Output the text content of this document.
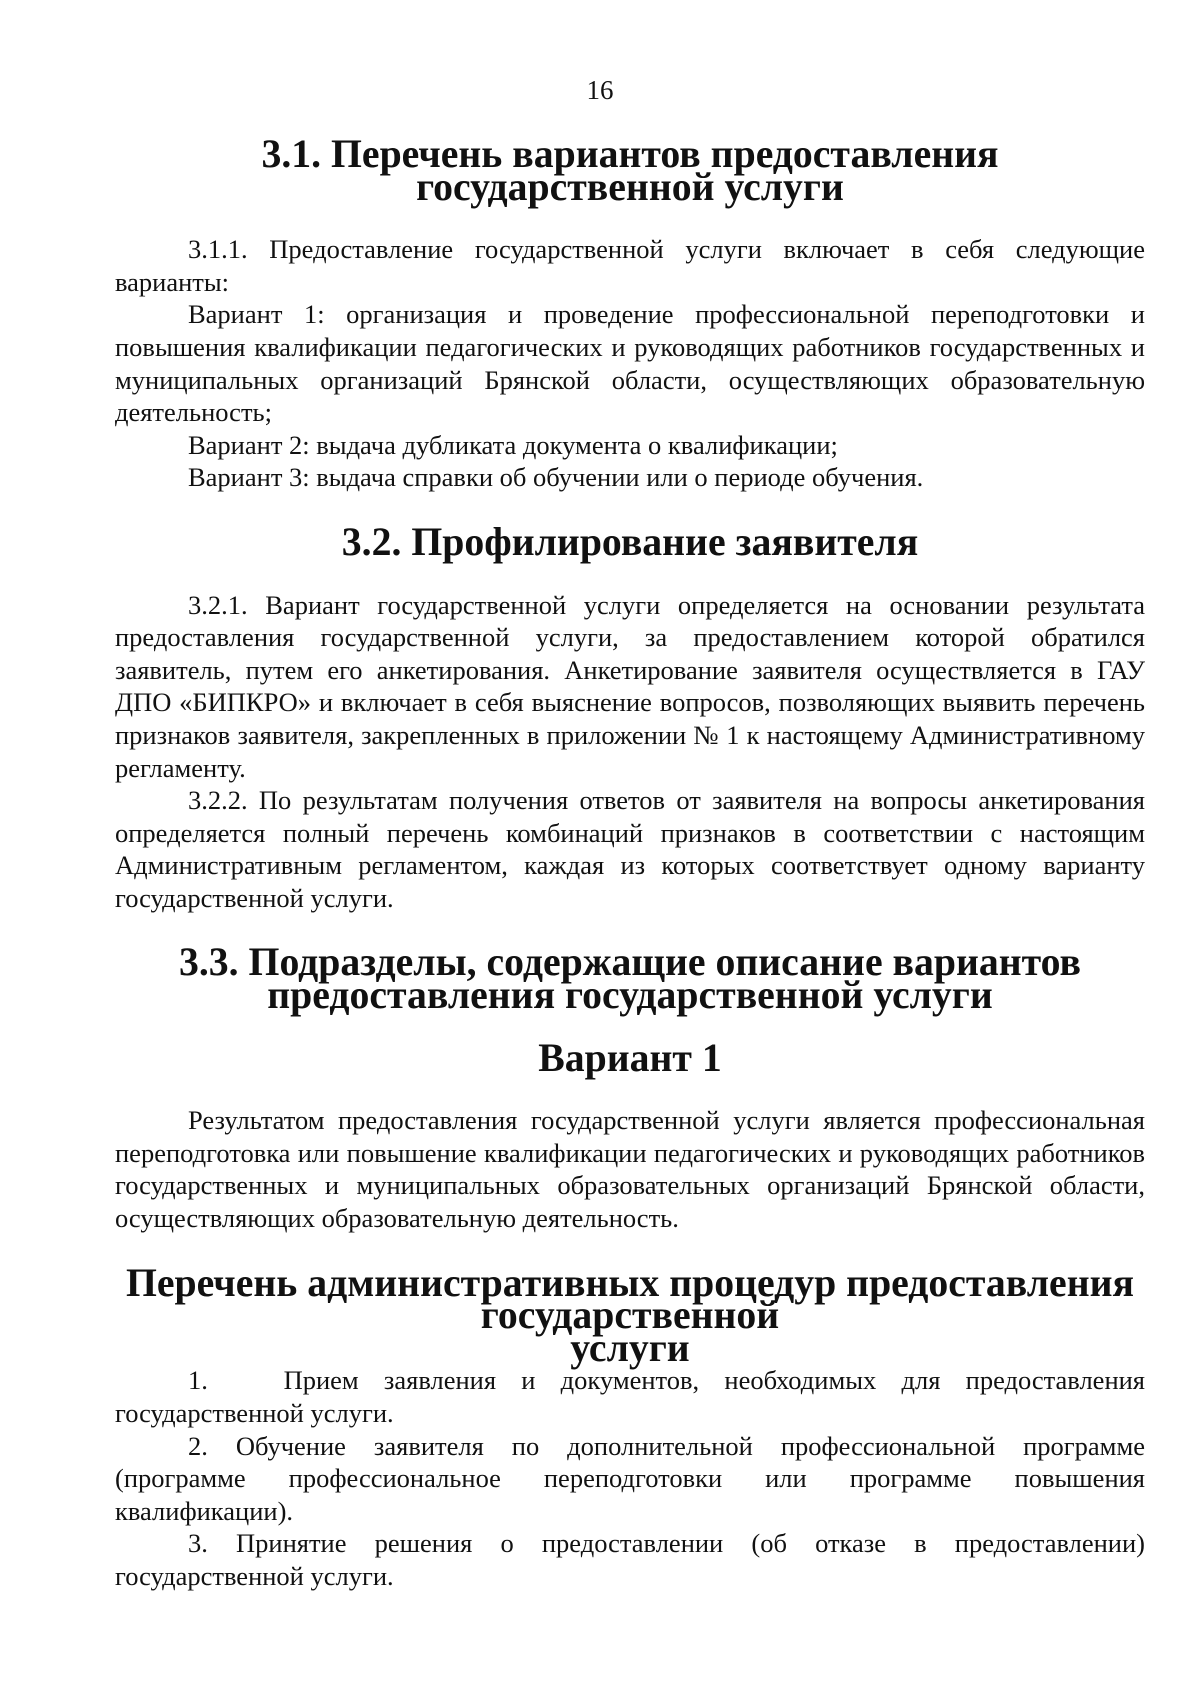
16
3.1. Перечень вариантов предоставления
государственной услуги

3.1.1. Предоставление государственной услуги включает в себя следующие варианты:

Вариант 1: организация и проведение профессиональной переподготовки и повышения квалификации педагогических и руководящих работников государственных и муниципальных организаций Брянской области, осуществляющих образовательную деятельность;

Вариант 2: выдача дубликата документа о квалификации;

Вариант 3: выдача справки об обучении или о периоде обучения.

3.2. Профилирование заявителя

3.2.1. Вариант государственной услуги определяется на основании результата предоставления государственной услуги, за предоставлением которой обратился заявитель, путем его анкетирования. Анкетирование заявителя осуществляется в ГАУ ДПО «БИПКРО» и включает в себя выяснение вопросов, позволяющих выявить перечень признаков заявителя, закрепленных в приложении № 1 к настоящему Административному регламенту.

3.2.2. По результатам получения ответов от заявителя на вопросы анкетирования определяется полный перечень комбинаций признаков в соответствии с настоящим Административным регламентом, каждая из которых соответствует одному варианту государственной услуги.

3.3. Подразделы, содержащие описание вариантов
предоставления государственной услуги
Вариант 1

Результатом предоставления государственной услуги является профессиональная переподготовка или повышение квалификации педагогических и руководящих работников государственных и муниципальных образовательных организаций Брянской области, осуществляющих образовательную деятельность.

Перечень административных процедур предоставления государственной
услуги

1.   Прием заявления и документов, необходимых для предоставления государственной услуги.

2. Обучение заявителя по дополнительной профессиональной программе (программе профессиональное переподготовки или программе повышения квалификации).

3. Принятие решения о предоставлении (об отказе в предоставлении) государственной услуги.
